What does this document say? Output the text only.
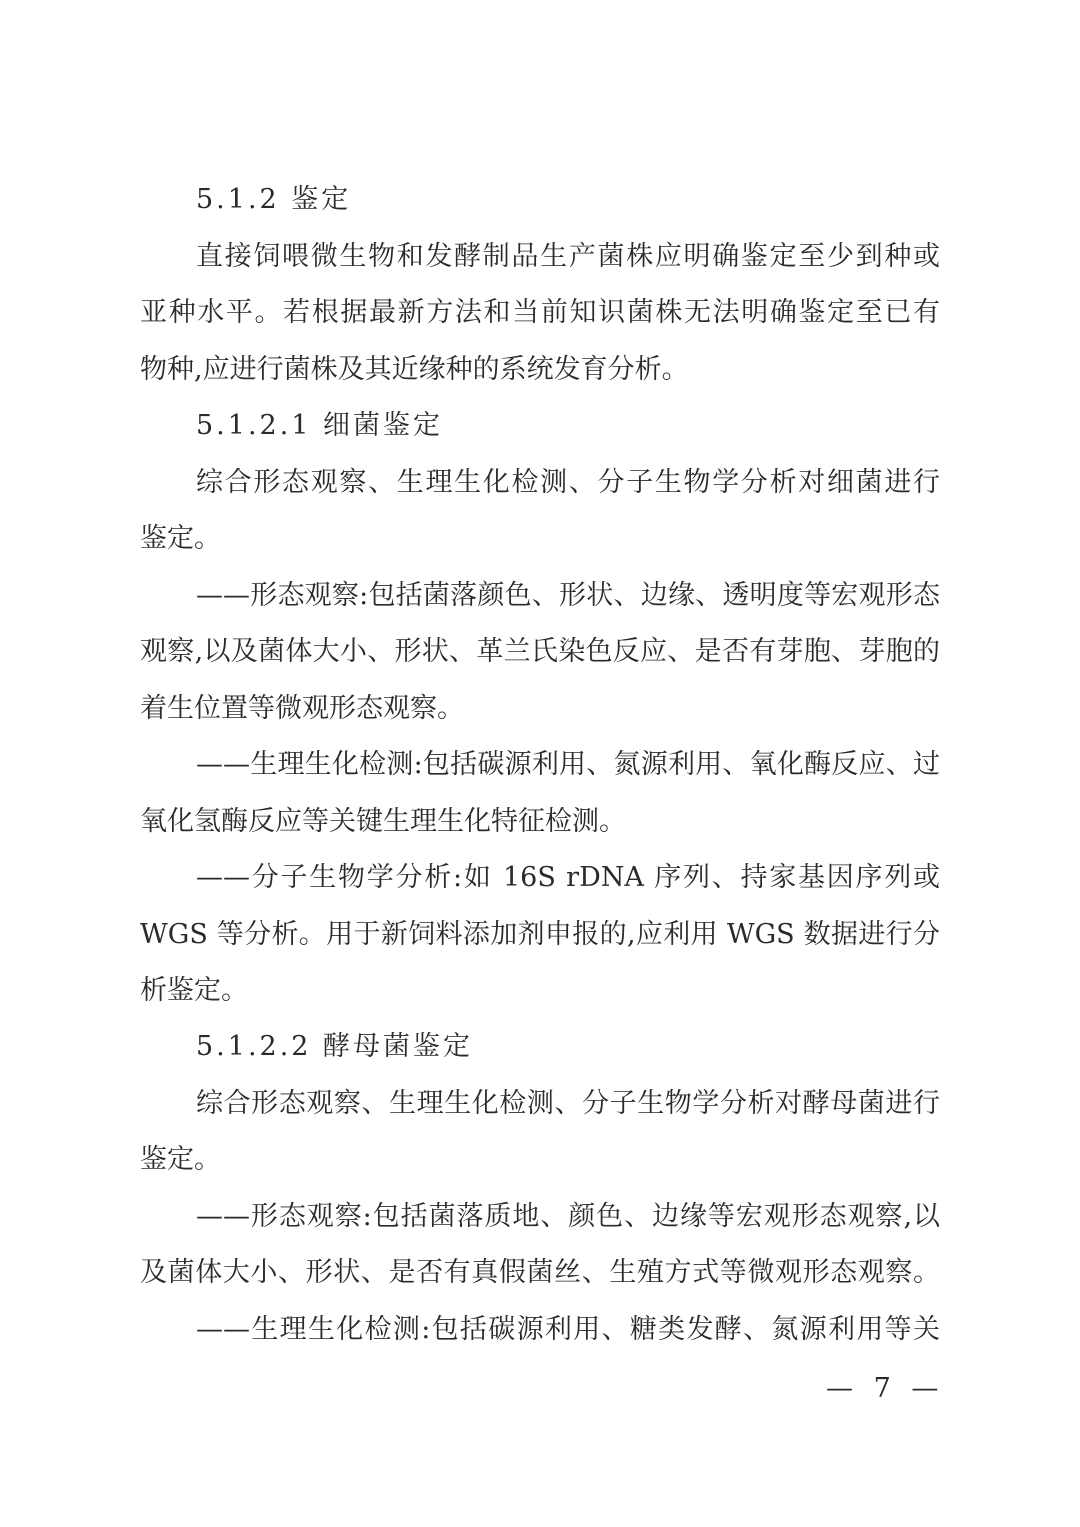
5.1.2 鉴定
直接饲喂微生物和发酵制品生产菌株应明确鉴定至少到种或
亚种水平。若根据最新方法和当前知识菌株无法明确鉴定至已有
物种,应进行菌株及其近缘种的系统发育分析。
5.1.2.1 细菌鉴定
综合形态观察、生理生化检测、分子生物学分析对细菌进行
鉴定。
——形态观察:包括菌落颜色、形状、边缘、透明度等宏观形态
观察,以及菌体大小、形状、革兰氏染色反应、是否有芽胞、芽胞的
着生位置等微观形态观察。
——生理生化检测:包括碳源利用、氮源利用、氧化酶反应、过
氧化氢酶反应等关键生理生化特征检测。
——分子生物学分析:如 16S rDNA 序列、持家基因序列或
WGS 等分析。用于新饲料添加剂申报的,应利用 WGS 数据进行分
析鉴定。
5.1.2.2 酵母菌鉴定
综合形态观察、生理生化检测、分子生物学分析对酵母菌进行
鉴定。
——形态观察:包括菌落质地、颜色、边缘等宏观形态观察,以
及菌体大小、形状、是否有真假菌丝、生殖方式等微观形态观察。
——生理生化检测:包括碳源利用、糖类发酵、氮源利用等关
— 7 —
